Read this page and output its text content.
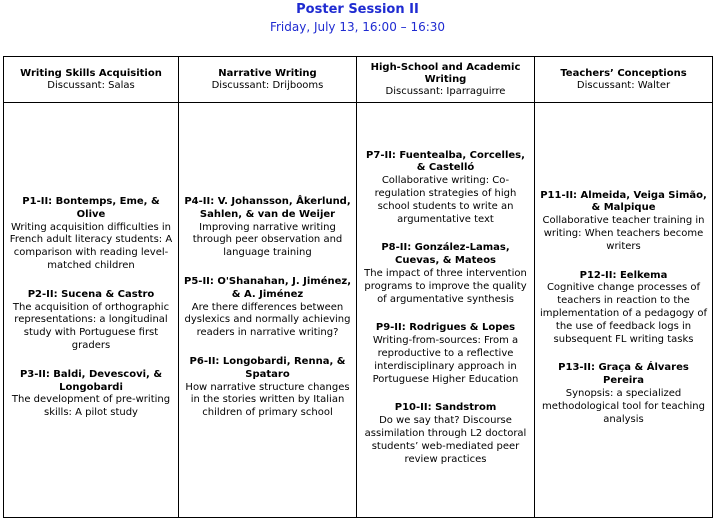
Poster Session II
Friday, July 13, 16:00 – 16:30
Writing Skills Acquisition
Discussant: Salas
P1-II: Bontemps, Eme, & Olive
Writing acquisition difficulties in French adult literacy students: A comparison with reading level-matched children
P2-II: Sucena & Castro
The acquisition of orthographic representations: a longitudinal study with Portuguese first graders
P3-II: Baldi, Devescovi, & Longobardi
The development of pre-writing skills: A pilot study
Narrative Writing
Discussant: Drijbooms
P4-II: V. Johansson, Åkerlund, Sahlen, & van de Weijer
Improving narrative writing through peer observation and language training
P5-II: O'Shanahan, J. Jiménez, & A. Jiménez
Are there differences between dyslexics and normally achieving readers in narrative writing?
P6-II: Longobardi, Renna, & Spataro
How narrative structure changes in the stories written by Italian children of primary school
High-School and Academic Writing
Discussant: Iparraguirre
P7-II: Fuentealba, Corcelles, & Castelló
Collaborative writing: Co-regulation strategies of high school students to write an argumentative text
P8-II: González-Lamas, Cuevas, & Mateos
The impact of three intervention programs to improve the quality of argumentative synthesis
P9-II: Rodrigues & Lopes
Writing-from-sources: From a reproductive to a reflective interdisciplinary approach in Portuguese Higher Education
P10-II: Sandstrom
Do we say that? Discourse assimilation through L2 doctoral students’ web-mediated peer review practices
Teachers’ Conceptions
Discussant: Walter
P11-II: Almeida, Veiga Simão, & Malpique
Collaborative teacher training in writing: When teachers become writers
P12-II: Eelkema
Cognitive change processes of teachers in reaction to the implementation of a pedagogy of the use of feedback logs in subsequent FL writing tasks
P13-II: Graça & Álvares Pereira
Synopsis: a specialized methodological tool for teaching analysis
